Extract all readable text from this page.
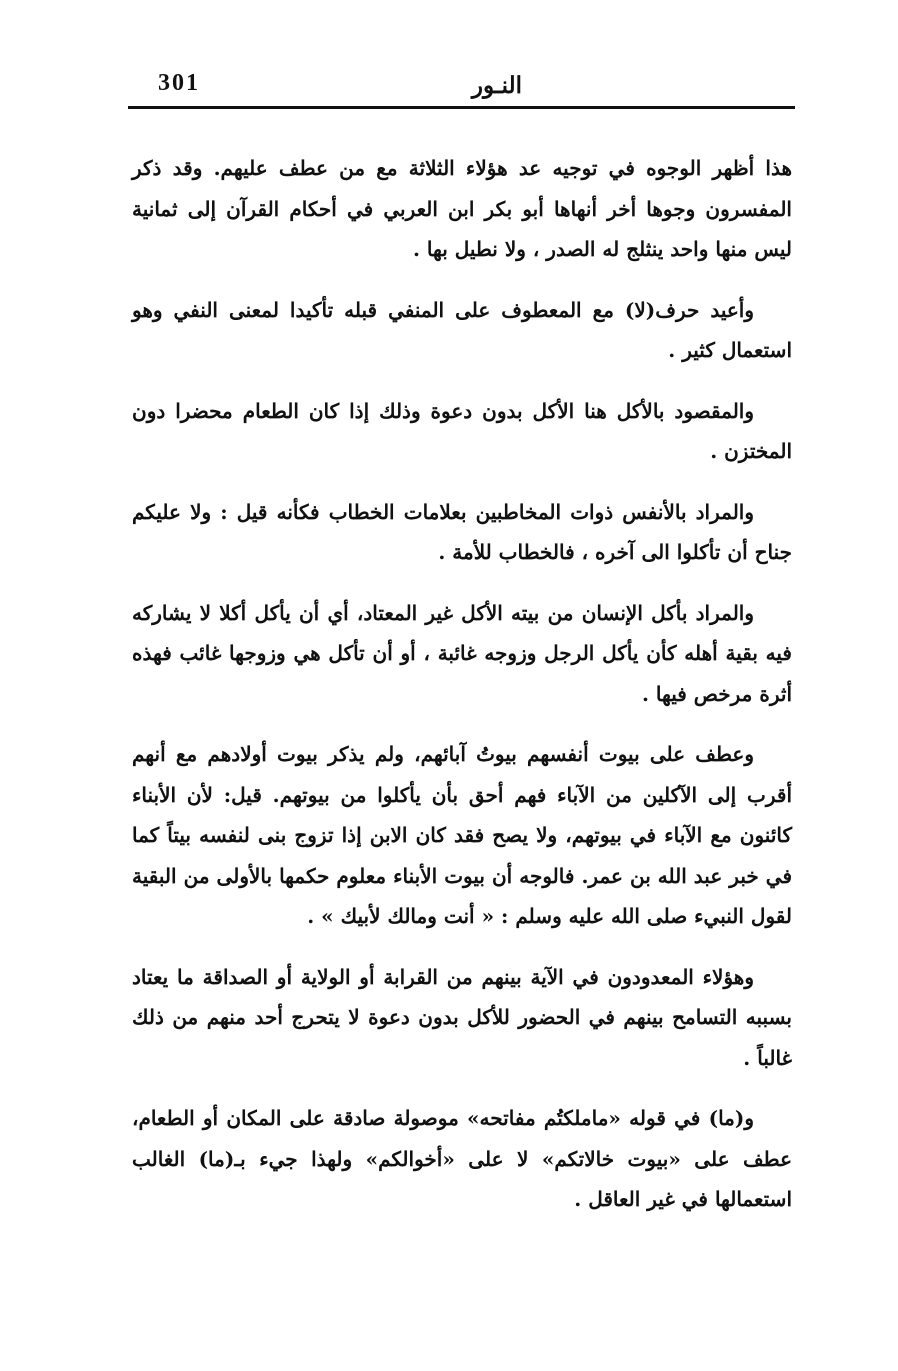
301	النـور

هذا أظهر الوجوه في توجيه عد هؤلاء الثلاثة مع من عطف عليهم. وقد ذكر المفسرون وجوها أخر أنهاها أبو بكر ابن العربي في أحكام القرآن إلى ثمانية ليس منها واحد ينثلج له الصدر ، ولا نطيل بها .

وأعيد حرف(لا) مع المعطوف على المنفي قبله تأكيدا لمعنى النفي وهو استعمال كثير .

والمقصود بالأكل هنا الأكل بدون دعوة وذلك إذا كان الطعام محضرا دون المختزن .

والمراد بالأنفس ذوات المخاطبين بعلامات الخطاب فكأنه قيل : ولا عليكم جناح أن تأكلوا الى آخره ، فالخطاب للأمة .

والمراد بأكل الإنسان من بيته الأكل غير المعتاد، أي أن يأكل أكلا لا يشاركه فيه بقية أهله كأن يأكل الرجل وزوجه غائبة ، أو أن تأكل هي وزوجها غائب فهذه أثرة مرخص فيها .

وعطف على بيوت أنفسهم بيوتُ آبائهم، ولم يذكر بيوت أولادهم مع أنهم أقرب إلى الآكلين من الآباء فهم أحق بأن يأكلوا من بيوتهم. قيل: لأن الأبناء كائنون مع الآباء في بيوتهم، ولا يصح فقد كان الابن إذا تزوج بنى لنفسه بيتاً كما في خبر عبد الله بن عمر. فالوجه أن بيوت الأبناء معلوم حكمها بالأولى من البقية لقول النبيء صلى الله عليه وسلم : « أنت ومالك لأبيك » .

وهؤلاء المعدودون في الآية بينهم من القرابة أو الولاية أو الصداقة ما يعتاد بسببه التسامح بينهم في الحضور للأكل بدون دعوة لا يتحرج أحد منهم من ذلك غالباً .

و(ما) في قوله «ماملكتُم مفاتحه» موصولة صادقة على المكان أو الطعام، عطف على «بيوت خالاتكم» لا على «أخوالكم» ولهذا جيء بـ(ما) الغالب استعمالها في غير العاقل .
